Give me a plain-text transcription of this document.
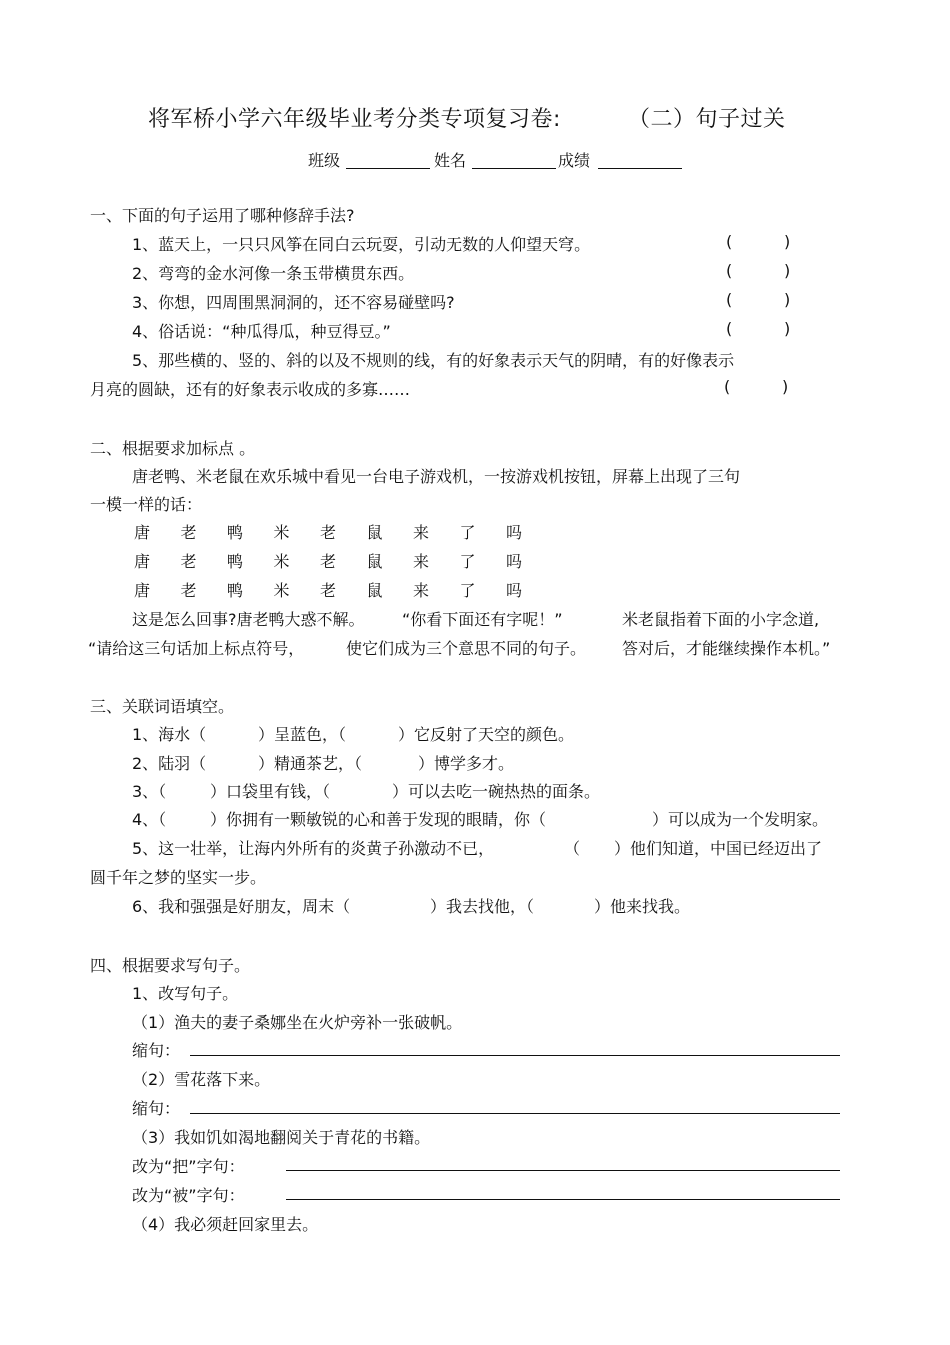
将军桥小学六年级毕业考分类专项复习卷:	（二）句子过关
班级	姓名	成绩
一、下面的句子运用了哪种修辞手法?
1、蓝天上，一只只风筝在同白云玩耍，引动无数的人仰望天穹。	(	)
2、弯弯的金水河像一条玉带横贯东西。	(	)
3、你想，四周围黑洞洞的，还不容易碰壁吗?	(	)
4、俗话说：“种瓜得瓜，种豆得豆。”	(	)
5、那些横的、竖的、斜的以及不规则的线，有的好象表示天气的阴晴，有的好像表示
月亮的圆缺，还有的好象表示收成的多寡……	(	)
二、根据要求加标点 。
唐老鸭、米老鼠在欢乐城中看见一台电子游戏机，一按游戏机按钮，屏幕上出现了三句
一模一样的话：
唐 老 鸭 米 老 鼠 来 了 吗
唐 老 鸭 米 老 鼠 来 了 吗
唐 老 鸭 米 老 鼠 来 了 吗
这是怎么回事?唐老鸭大惑不解。 “你看下面还有字呢！”	米老鼠指着下面的小字念道,
“请给这三句话加上标点符号，	使它们成为三个意思不同的句子。 答对后，才能继续操作本机。”
三、关联词语填空。
1、海水（	）呈蓝色，（	）它反射了天空的颜色。
2、陆羽（	）精通茶艺，（	）博学多才。
3、（	）口袋里有钱，（	）可以去吃一碗热热的面条。
4、（	）你拥有一颗敏锐的心和善于发现的眼睛，你（	）可以成为一个发明家。
5、这一壮举，让海内外所有的炎黄子孙激动不已，	（ ）他们知道，中国已经迈出了
圆千年之梦的坚实一步。
6、我和强强是好朋友，周末（	）我去找他，（	）他来找我。
四、根据要求写句子。
1、改写句子。
（1）渔夫的妻子桑娜坐在火炉旁补一张破帆。
缩句：
（2）雪花落下来。
缩句：
（3）我如饥如渴地翻阅关于青花的书籍。
改为“把”字句：
改为“被”字句：
（4）我必须赶回家里去。
